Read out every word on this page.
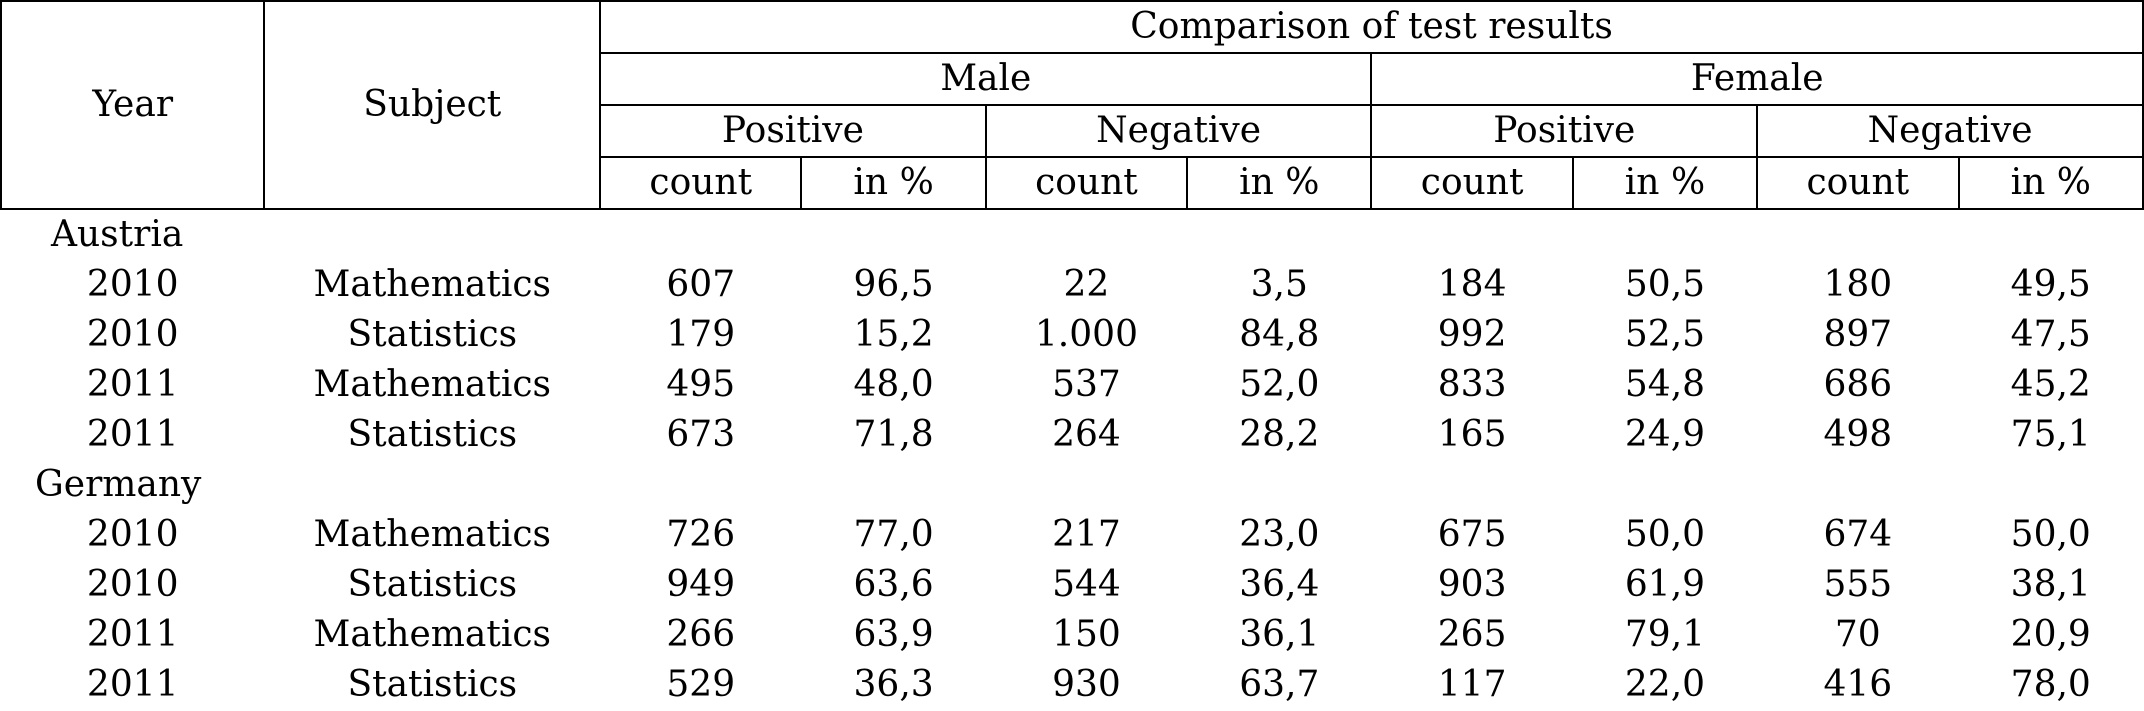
Year	Subject	Comparison of test results							
		Male				Female			
		Positive		Negative		Positive		Negative	
		count	in %	count	in %	count	in %	count	in %
Austria									
2010	Mathematics	607	96,5	22	3,5	184	50,5	180	49,5
2010	Statistics	179	15,2	1.000	84,8	992	52,5	897	47,5
2011	Mathematics	495	48,0	537	52,0	833	54,8	686	45,2
2011	Statistics	673	71,8	264	28,2	165	24,9	498	75,1
Germany									
2010	Mathematics	726	77,0	217	23,0	675	50,0	674	50,0
2010	Statistics	949	63,6	544	36,4	903	61,9	555	38,1
2011	Mathematics	266	63,9	150	36,1	265	79,1	70	20,9
2011	Statistics	529	36,3	930	63,7	117	22,0	416	78,0
